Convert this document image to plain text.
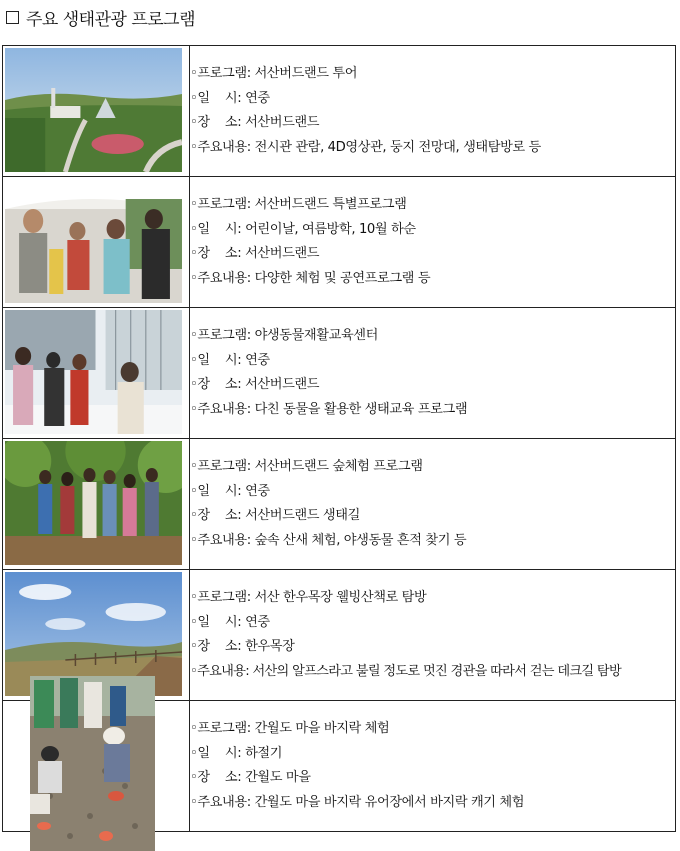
주요 생태관광 프로그램

◦프로그램: 서산버드랜드 투어
◦일    시: 연중
◦장    소: 서산버드랜드
◦주요내용: 전시관 관람, 4D영상관, 둥지 전망대, 생태탐방로 등

◦프로그램: 서산버드랜드 특별프로그램
◦일    시: 어린이날, 여름방학, 10월 하순
◦장    소: 서산버드랜드
◦주요내용: 다양한 체험 및 공연프로그램 등

◦프로그램: 야생동물재활교육센터
◦일    시: 연중
◦장    소: 서산버드랜드
◦주요내용: 다친 동물을 활용한 생태교육 프로그램

◦프로그램: 서산버드랜드 숲체험 프로그램
◦일    시: 연중
◦장    소: 서산버드랜드 생태길
◦주요내용: 숲속 산새 체험, 야생동물 흔적 찾기 등

◦프로그램: 서산 한우목장 웰빙산책로 탐방
◦일    시: 연중
◦장    소: 한우목장
◦주요내용: 서산의 알프스라고 불릴 정도로 멋진 경관을 따라서 걷는 데크길 탐방

	◦프로그램: 간월도 마을 바지락 체험
◦일    시: 하절기
◦장    소: 간월도 마을
◦주요내용: 간월도 마을 바지락 유어장에서 바지락 캐기 체험
